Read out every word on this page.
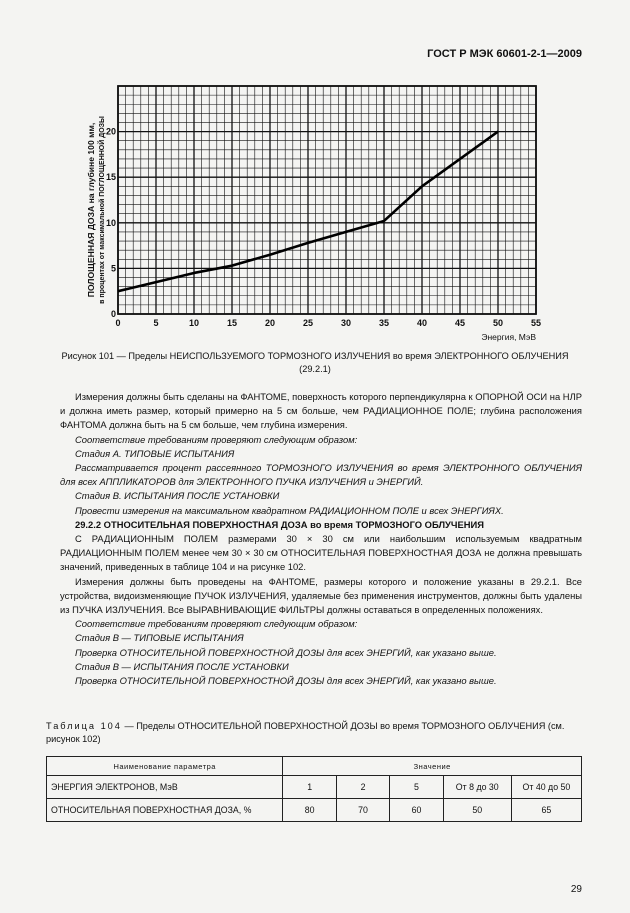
ГОСТ Р МЭК 60601-2-1—2009
0	5	10	15	20	25	30	35	40	45	50	55
0
5
10
15
20
Энергия, МэВ
ПОЛОЩЕННАЯ ДОЗА на глубине 100 мм, в процентах от максимальной ПОГЛОЩЕННОЙ ДОЗЫ
Рисунок 101 — Пределы НЕИСПОЛЬЗУЕМОГО ТОРМОЗНОГО ИЗЛУЧЕНИЯ во время ЭЛЕКТРОННОГО ОБЛУЧЕНИЯ (29.2.1)

Измерения должны быть сделаны на ФАНТОМЕ, поверхность которого перпендикулярна к ОПОРНОЙ ОСИ на НЛР и должна иметь размер, который примерно на 5 см больше, чем РАДИАЦИОННОЕ ПОЛЕ; глубина расположения ФАНТОМА должна быть на 5 см больше, чем глубина измерения.

Соответствие требованиям проверяют следующим образом:

Стадия А. ТИПОВЫЕ ИСПЫТАНИЯ

Рассматривается процент рассеянного ТОРМОЗНОГО ИЗЛУЧЕНИЯ во время ЭЛЕКТРОННОГО ОБЛУЧЕНИЯ для всех АППЛИКАТОРОВ для ЭЛЕКТРОННОГО ПУЧКА ИЗЛУЧЕНИЯ и ЭНЕРГИЙ.

Стадия В. ИСПЫТАНИЯ ПОСЛЕ УСТАНОВКИ

Провести измерения на максимальном квадратном РАДИАЦИОННОМ ПОЛЕ и всех ЭНЕРГИЯХ.

29.2.2 ОТНОСИТЕЛЬНАЯ ПОВЕРХНОСТНАЯ ДОЗА во время ТОРМОЗНОГО ОБЛУЧЕНИЯ

С РАДИАЦИОННЫМ ПОЛЕМ размерами 30 × 30 см или наибольшим используемым квадратным РАДИАЦИОННЫМ ПОЛЕМ менее чем 30 × 30 см ОТНОСИТЕЛЬНАЯ ПОВЕРХНОСТНАЯ ДОЗА не должна превышать значений, приведенных в таблице 104 и на рисунке 102.

Измерения должны быть проведены на ФАНТОМЕ, размеры которого и положение указаны в 29.2.1. Все устройства, видоизменяющие ПУЧОК ИЗЛУЧЕНИЯ, удаляемые без применения инструментов, должны быть удалены из ПУЧКА ИЗЛУЧЕНИЯ. Все ВЫРАВНИВАЮЩИЕ ФИЛЬТРЫ должны оставаться в определенных положениях.

Соответствие требованиям проверяют следующим образом:

Стадия В — ТИПОВЫЕ ИСПЫТАНИЯ

Проверка ОТНОСИТЕЛЬНОЙ ПОВЕРХНОСТНОЙ ДОЗЫ для всех ЭНЕРГИЙ, как указано выше.

Стадия В — ИСПЫТАНИЯ ПОСЛЕ УСТАНОВКИ

Проверка ОТНОСИТЕЛЬНОЙ ПОВЕРХНОСТНОЙ ДОЗЫ для всех ЭНЕРГИЙ, как указано выше.

Таблица 104 — Пределы ОТНОСИТЕЛЬНОЙ ПОВЕРХНОСТНОЙ ДОЗЫ во время ТОРМОЗНОГО ОБЛУЧЕНИЯ (см. рисунок 102)
Наименование параметра	Значение				
ЭНЕРГИЯ ЭЛЕКТРОНОВ, МэВ	1	2	5	От 8 до 30	От 40 до 50
ОТНОСИТЕЛЬНАЯ ПОВЕРХНОСТНАЯ ДОЗА, %	80	70	60	50	65
29
